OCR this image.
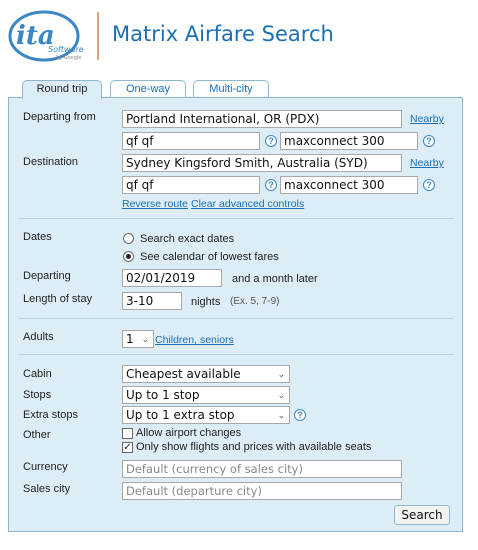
ita
Software
by Google
Matrix Airfare Search
Round trip	One-way	Multi-city
Departing from	Portland International, OR (PDX)	Nearby
qf qf	? maxconnect 300	?
Destination	Sydney Kingsford Smith, Australia (SYD)	Nearby
qf qf	? maxconnect 300	?
Reverse route Clear advanced controls
Dates	Search exact dates
See calendar of lowest fares
Departing	02/01/2019	and a month later
Length of stay	3-10	nights (Ex. 5, 7-9)
Adults	1 ⌄ Children, seniors
Cabin	Cheapest available	⌄
Stops	Up to 1 stop	⌄
Extra stops	Up to 1 extra stop	⌄	?
Other	Allow airport changes
✓ Only show flights and prices with available seats
Currency	Default (currency of sales city)
Sales city	Default (departure city)
Search
